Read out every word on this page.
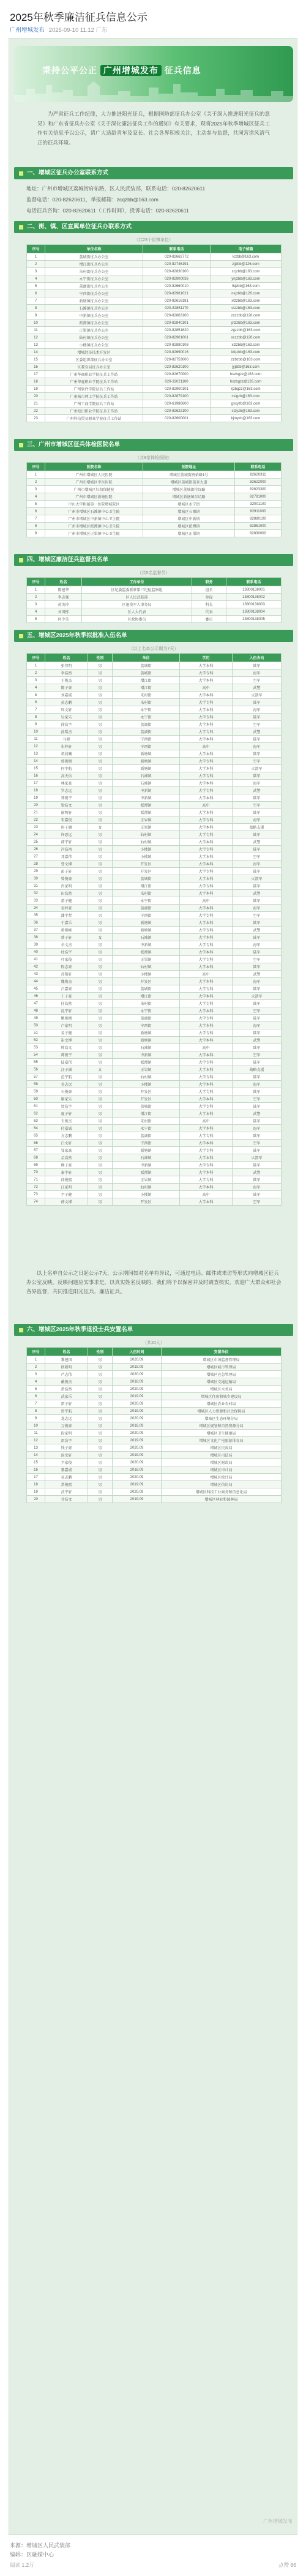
2025年秋季廉洁征兵信息公示
广州增城发布 2025-09-10 11:12 广东
秉持公平公正 广州增城发布 征兵信息

为严肃征兵工作纪律，大力推进阳光征兵，根据国防部征兵办公室《关于深入推进阳光征兵的意见》和广东省征兵办公室《关于深化廉洁征兵工作的通知》有关要求，现将2025年秋季增城区征兵工作有关信息予以公示，请广大适龄青年及家长、社会各界积极关注，主动参与监督，共同营造风清气正的征兵环境。

一、增城区征兵办公室联系方式

地址：广州市增城区荔城街府佑路，区人民武装部，联系电话：020-82620611

监督电话：020-82620611，举报邮箱：zcqzbb@163.com

电话征兵咨询：020-82620611（工作时间），投诉电话：020-82620611

二、街、镇、区直属单位征兵办联系方式
（共23个街镇单位）
序号	单位名称	联系电话	电子邮箱
1	荔城街征兵办公室	020-82662772	lczbb@163.com
2	增江街征兵办公室	020-82746191	zjjzbb@126.com
3	朱村街征兵办公室	020-82830100	zcjzbb@163.com
4	永宁街征兵办公室	020-82900036	ynjzbb@163.com
5	荔湖街征兵办公室	020-82660010	lhjzbb@163.com
6	宁西街征兵办公室	020-82961021	nxjzbb@126.com
7	新塘镇征兵办公室	020-82616181	xtzzbb@163.com
8	石滩镇征兵办公室	020-82851170	stzzbb@163.com
9	中新镇征兵办公室	020-82863100	zxzzbb@126.com
10	派潭镇征兵办公室	020-82840101	ptzzbb@163.com
11	正果镇征兵办公室	020-82851620	zgzzbb@163.com
12	仙村镇征兵办公室	020-82901001	xczzbb@126.com
13	小楼镇征兵办公室	020-82880108	xlzzbb@163.com
14	增城经济技术开发区	020-82690016	kfqzbb@163.com
15	区委组织部征兵办公室	020-82753000	zzbzbb@163.com
16	区教育局征兵办公室	020-82620100	jyjzbb@163.com
17	广州华商职业学院征兵工作站	020-82670000	hszbgzz@163.com
18	广州华夏职业学院征兵工作站	020-32021100	hxzbgzz@126.com
19	广州软件学院征兵工作站	020-82900101	rjzbgzz@163.com
20	广州城市理工学院征兵工作站	020-82879100	cslgzb@163.com
21	广州工商学院征兵工作站	020-61986600	gsxyzb@163.com
22	广州松田职业学院征兵工作站	020-82622100	stzyzb@163.com
23	广州科技贸易职业学院征兵工作站	020-82600001	kjmyzb@163.com
三、广州市增城区征兵体检医院名单
（共9家体检医院）
序号	医院名称	医院地址	联系电话
1	广州市增城区人民医院	增城区荔城街府佑路1号	82620311
2	广州市增城区中医医院	增城区荔城街荔景大道	82622000
3	广州市增城区妇幼保健院	增城区荔城街挂绿路	82623300
4	广州市增城区新塘医院	增城区新塘镇东坑路	82781000
5	中山大学附属第一医院增城院区	增城区永宁街	32001100
6	广州市增城区石滩镇中心卫生院	增城区石滩镇	82911000
7	广州市增城区中新镇中心卫生院	增城区中新镇	82880100
8	广州市增城区派潭镇中心卫生院	增城区派潭镇	82851000
9	广州市增城区正果镇中心卫生院	增城区正果镇	82830000
四、增城区廉洁征兵监督员名单
（共5名监督员）
序号	姓名	工作单位	职务	联系电话
1	陈建华	区纪委监委派驻第三纪检监察组	组长	13800138001
2	李志强	区人民武装部	参谋	13800138002
3	黄美玲	区退役军人事务局	科长	13800138003
4	刘国栋	区人大代表	代表	13800138004
5	何少英	区政协委员	委员	13800138005
五、增城区2025年秋季拟批准入伍名单
（以上名单公示期为7天）
序号	姓名	性别	单位	学历	入伍去向
1	张伟明	男	荔城街	大学本科	陆军
2	李浩然	男	荔城街	大学专科	海军
3	王俊杰	男	增江街	大学本科	空军
4	陈子豪	男	增江街	高中	武警
5	刘嘉诚	男	朱村街	大学本科	火箭军
6	黄志鹏	男	朱村街	大学专科	陆军
7	周文轩	男	永宁街	大学本科	海军
8	吴家乐	男	永宁街	大学专科	陆军
9	徐浩宇	男	荔湖街	大学本科	空军
10	孙铭杰	男	荔湖街	大学专科	武警
11	马骏	男	宁西街	大学本科	陆军
12	朱梓轩	男	宁西街	高中	海军
13	胡晨曦	男	新塘镇	大学本科	陆军
14	郭俊熙	男	新塘镇	大学专科	空军
15	何宇航	男	新塘镇	大学本科	火箭军
16	高天佑	男	石滩镇	大学专科	陆军
17	林家豪	男	石滩镇	大学本科	海军
18	罗志远	男	中新镇	大学专科	武警
19	郑俊宇	男	中新镇	大学本科	陆军
20	梁浩文	男	派潭镇	高中	空军
21	谢明轩	男	派潭镇	大学本科	陆军
22	宋嘉俊	男	正果镇	大学专科	海军
23	唐子涵	女	正果镇	大学本科	战略支援
24	许思远	男	仙村镇	大学专科	陆军
25	韩宇轩	男	仙村镇	大学本科	武警
26	冯浩南	男	小楼镇	大学专科	陆军
27	邓嘉伟	男	小楼镇	大学本科	空军
28	曹文博	男	开发区	大学本科	海军
29	彭子轩	男	开发区	大学专科	陆军
30	曾俊豪	男	荔城街	大学本科	火箭军
31	肖家明	男	增江街	大学专科	陆军
32	田浩然	男	朱村街	大学本科	武警
33	董子健	男	永宁街	高中	陆军
34	袁梓豪	男	荔湖街	大学本科	海军
35	潘宇哲	男	宁西街	大学专科	空军
36	于嘉乐	男	新塘镇	大学本科	陆军
37	蒋俊峰	男	新塘镇	大学专科	武警
38	蔡子轩	女	石滩镇	大学本科	陆军
39	余文杰	男	中新镇	大学专科	海军
40	杜浩宇	男	派潭镇	大学本科	陆军
41	叶家俊	男	正果镇	大学专科	空军
42	程志豪	男	仙村镇	大学本科	陆军
43	苏铭轩	男	小楼镇	高中	武警
44	魏俊杰	男	开发区	大学本科	海军
45	吕嘉豪	男	荔城街	大学专科	陆军
46	丁子豪	男	增江街	大学本科	火箭军
47	任浩然	男	朱村街	大学专科	陆军
48	沈宇轩	男	永宁街	大学本科	空军
49	姚俊熙	男	荔湖街	大学专科	陆军
50	卢家明	男	宁西街	大学本科	海军
51	姜子健	男	新塘镇	大学专科	陆军
52	崔文博	男	新塘镇	大学本科	武警
53	钟浩文	男	石滩镇	高中	陆军
54	谭俊宇	男	中新镇	大学本科	空军
55	陆嘉伟	男	派潭镇	大学专科	陆军
56	汪子涵	女	正果镇	大学本科	战略支援
57	范宇航	男	仙村镇	大学专科	陆军
58	金志远	男	小楼镇	大学本科	海军
59	石俊豪	男	开发区	大学专科	陆军
60	廖家乐	男	开发区	大学本科	空军
61	贾浩宇	男	荔城街	大学专科	陆军
62	夏子轩	男	增江街	大学本科	武警
63	韦俊杰	男	朱村街	高中	陆军
64	付嘉诚	男	永宁街	大学本科	海军
65	方志鹏	男	荔湖街	大学专科	陆军
66	白文轩	男	宁西街	大学本科	空军
67	邹家豪	男	新塘镇	大学专科	陆军
68	孟浩然	男	石滩镇	大学本科	火箭军
69	熊子豪	男	中新镇	大学专科	陆军
70	秦宇轩	男	派潭镇	大学本科	武警
71	邱俊熙	男	正果镇	大学专科	陆军
72	江家明	男	仙村镇	大学本科	海军
73	尹子健	男	小楼镇	高中	陆军
74	薛文博	男	开发区	大学本科	空军

以上名单自公示之日起公示7天，公示期间如对名单有异议，可通过电话、邮件或来访等形式向增城区征兵办公室反映。反映问题应实事求是，以真实姓名反映的，我们将予以保密并及时调查核实。欢迎广大群众和社会各界监督，共同推进阳光征兵、廉洁征兵。

六、增城区2025年秋季退役士兵安置名单
（共20人）
序号	姓名	性别	入伍时间	安置单位
1	黎建国	男	2020.09	增城区市场监督管理局
2	欧阳明	男	2019.09	增城区城市管理局
3	严志伟	男	2020.09	增城区应急管理局
4	戴俊杰	男	2018.09	增城区交通运输局
5	常浩然	男	2020.09	增城区水务局
6	武家乐	男	2019.09	增城区住房和城乡建设局
7	雷子轩	男	2020.09	增城区农业农村局
8	贺宇航	男	2019.09	增城区人力资源和社会保障局
9	龙志远	男	2020.09	增城区生态环境分局
10	万俊豪	男	2018.09	增城区规划和自然资源分局
11	段家明	男	2020.09	增城区卫生健康局
12	雷浩宇	男	2019.09	增城区文化广电旅游体育局
13	钱子豪	男	2020.09	增城区民政局
14	汤文轩	男	2019.09	增城区司法局
15	尹家俊	男	2020.09	增城区财政局
16	黎嘉诚	男	2018.09	增城区审计局
17	易志鹏	男	2020.09	增城区统计局
18	常俊熙	男	2019.09	增城区信访局
19	武宇轩	男	2020.09	增城区科技工业商务和信息化局
20	乔浩文	男	2019.09	增城区林业和园林局
广州增城发布
来源：增城区人民武装部
编辑：区融媒中心
阅读 1.2万	点赞 86
